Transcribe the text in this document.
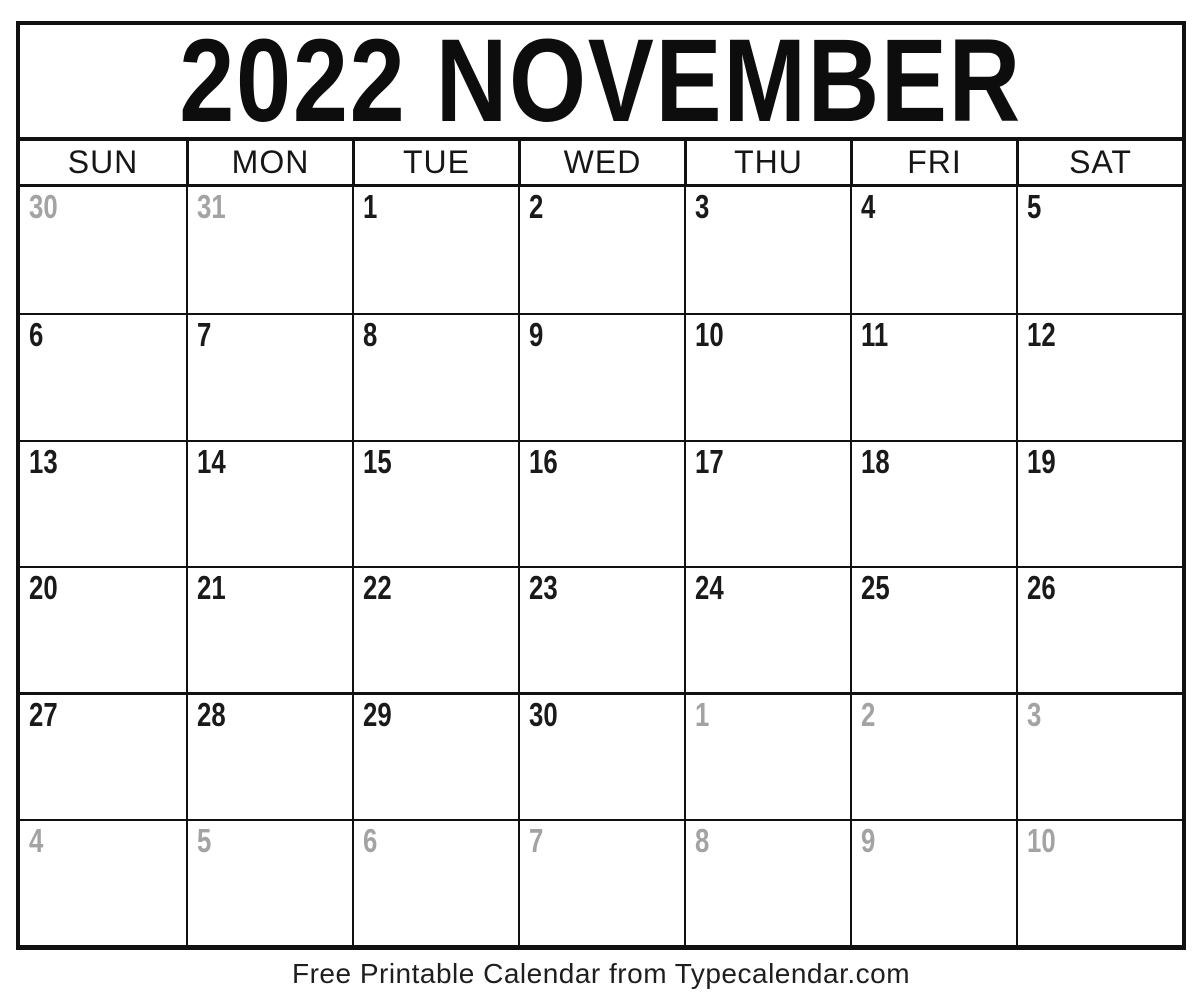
2022 NOVEMBER
SUN	MON	TUE	WED	THU	FRI	SAT
30	31	1	2	3	4	5
6	7	8	9	10	11	12
13	14	15	16	17	18	19
20	21	22	23	24	25	26
27	28	29	30	1	2	3
4	5	6	7	8	9	10
Free Printable Calendar from Typecalendar.com
